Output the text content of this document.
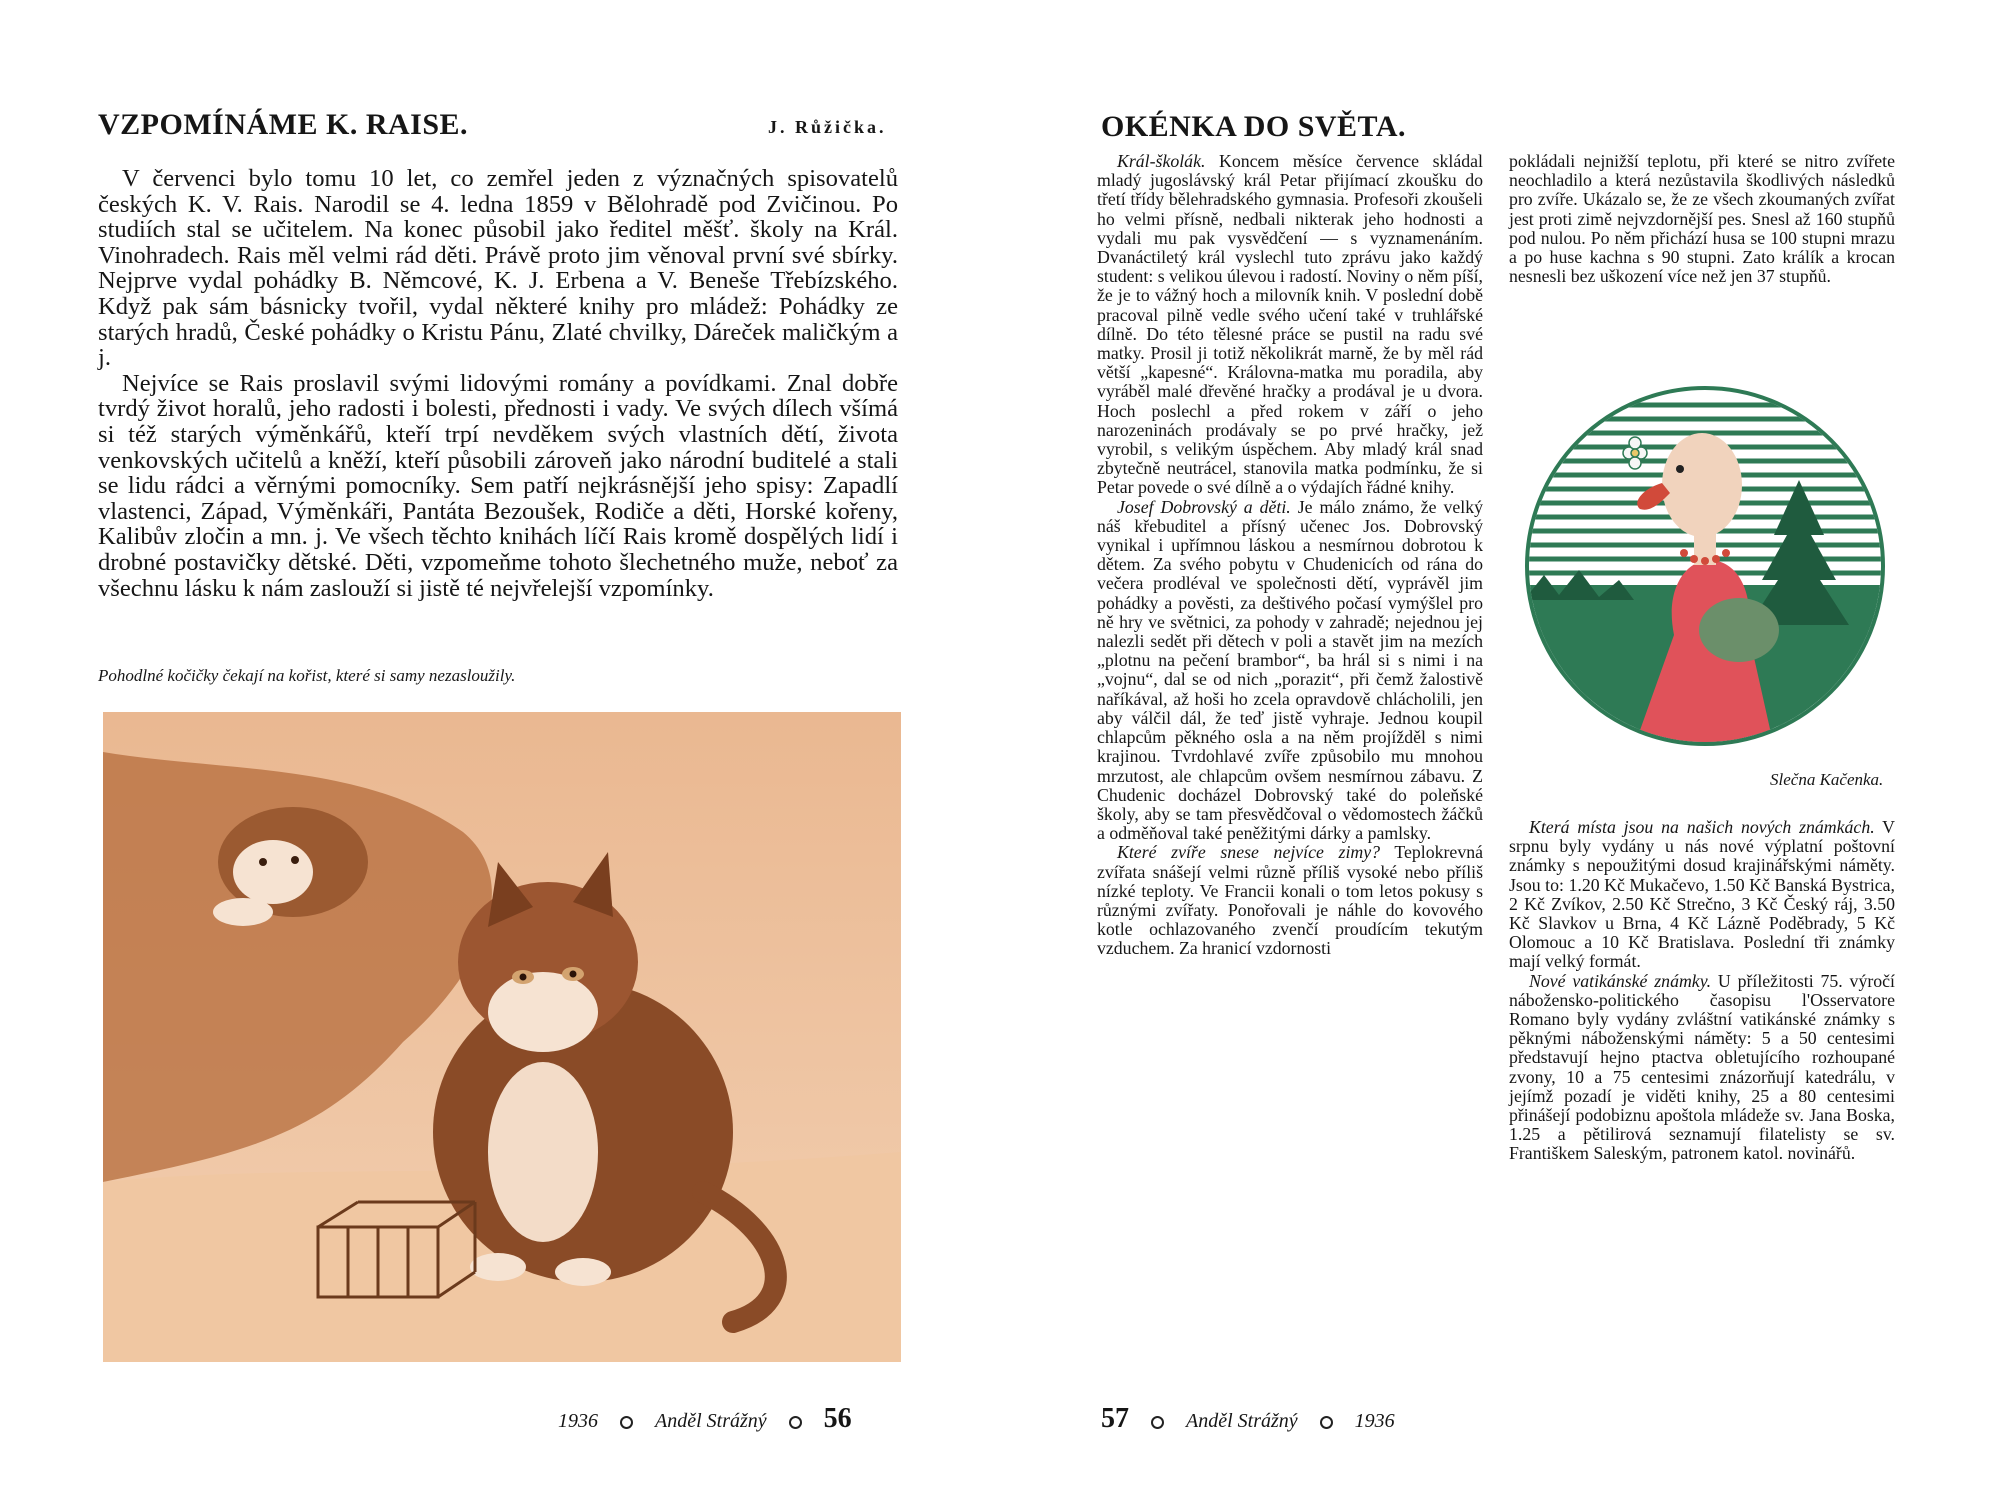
VZPOMÍNÁME K. RAISE.	J. Růžička.

V červenci bylo tomu 10 let, co zemřel jeden z význačných spisovatelů českých K. V. Rais. Narodil se 4. ledna 1859 v Bělohradě pod Zvičinou. Po studiích stal se učitelem. Na konec působil jako ředitel měšť. školy na Král. Vinohradech. Rais měl velmi rád děti. Právě proto jim věnoval první své sbírky. Nejprve vydal pohádky B. Němcové, K. J. Erbena a V. Beneše Třebízského. Když pak sám básnicky tvořil, vydal některé knihy pro mládež: Pohádky ze starých hradů, České pohádky o Kristu Pánu, Zlaté chvilky, Dáreček maličkým a j.

Nejvíce se Rais proslavil svými lidovými romány a povídkami. Znal dobře tvrdý život horalů, jeho radosti i bolesti, přednosti i vady. Ve svých dílech všímá si též starých výměnkářů, kteří trpí nevděkem svých vlastních dětí, života venkovských učitelů a kněží, kteří působili zároveň jako národní buditelé a stali se lidu rádci a věrnými pomocníky. Sem patří nejkrásnější jeho spisy: Zapadlí vlastenci, Západ, Výměnkáři, Pantáta Bezoušek, Rodiče a děti, Horské kořeny, Kalibův zločin a mn. j. Ve všech těchto knihách líčí Rais kromě dospělých lidí i drobné postavičky dětské. Děti, vzpomeňme tohoto šlechetného muže, neboť za všechnu lásku k nám zaslouží si jistě té nejvřelejší vzpomínky.

Pohodlné kočičky čekají na kořist, které si samy nezasloužily.
1936	Anděl Strážný 56
OKÉNKA DO SVĚTA.

Král-školák. Koncem měsíce července skládal mladý jugoslávský král Petar přijímací zkoušku do třetí třídy bělehradského gymnasia. Profesoři zkoušeli ho velmi přísně, nedbali nikterak jeho hodnosti a vydali mu pak vysvědčení — s vyznamenáním. Dvanáctiletý král vyslechl tuto zprávu jako každý student: s velikou úlevou i radostí. Noviny o něm píší, že je to vážný hoch a milovník knih. V poslední době pracoval pilně vedle svého učení také v truhlářské dílně. Do této tělesné práce se pustil na radu své matky. Prosil ji totiž několikrát marně, že by měl rád větší „kapesné“. Královna-matka mu poradila, aby vyráběl malé dřevěné hračky a prodával je u dvora. Hoch poslechl a před rokem v září o jeho narozeninách prodávaly se po prvé hračky, jež vyrobil, s velikým úspěchem. Aby mladý král snad zbytečně neutrácel, stanovila matka podmínku, že si Petar povede o své dílně a o výdajích řádné knihy.

Josef Dobrovský a děti. Je málo známo, že velký náš křebuditel a přísný učenec Jos. Dobrovský vynikal i upřímnou láskou a nesmírnou dobrotou k dětem. Za svého pobytu v Chudenicích od rána do večera prodléval ve společnosti dětí, vyprávěl jim pohádky a pověsti, za deštivého počasí vymýšlel pro ně hry ve světnici, za pohody v zahradě; nejednou jej nalezli sedět při dětech v poli a stavět jim na mezích „plotnu na pečení brambor“, ba hrál si s nimi i na „vojnu“, dal se od nich „porazit“, při čemž žalostivě naříkával, až hoši ho zcela opravdově chlácholili, jen aby válčil dál, že teď jistě vyhraje. Jednou koupil chlapcům pěkného osla a na něm projížděl s nimi krajinou. Tvrdohlavé zvíře způsobilo mu mnohou mrzutost, ale chlapcům ovšem nesmírnou zábavu. Z Chudenic docházel Dobrovský také do poleňské školy, aby se tam přesvědčoval o vědomostech žáčků a odměňoval také peněžitými dárky a pamlsky.

Které zvíře snese nejvíce zimy? Teplokrevná zvířata snášejí velmi různě příliš vysoké nebo příliš nízké teploty. Ve Francii konali o tom letos pokusy s různými zvířaty. Ponořovali je náhle do kovového kotle ochlazovaného zvenčí proudícím tekutým vzduchem. Za hranicí vzdornosti

pokládali nejnižší teplotu, při které se nitro zvířete neochladilo a která nezůstavila škodlivých následků pro zvíře. Ukázalo se, že ze všech zkoumaných zvířat jest proti zimě nejvzdornější pes. Snesl až 160 stupňů pod nulou. Po něm přichází husa se 100 stupni mrazu a po huse kachna s 90 stupni. Zato králík a krocan nesnesli bez uškození více než jen 37 stupňů.

Slečna Kačenka.

Která místa jsou na našich nových známkách. V srpnu byly vydány u nás nové výplatní poštovní známky s nepoužitými dosud krajinářskými náměty. Jsou to: 1.20 Kč Mukačevo, 1.50 Kč Banská Bystrica, 2 Kč Zvíkov, 2.50 Kč Strečno, 3 Kč Český ráj, 3.50 Kč Slavkov u Brna, 4 Kč Lázně Poděbrady, 5 Kč Olomouc a 10 Kč Bratislava. Poslední tři známky mají velký formát.

Nové vatikánské známky. U příležitosti 75. výročí nábožensko-politického časopisu l'Osservatore Romano byly vydány zvláštní vatikánské známky s pěknými náboženskými náměty: 5 a 50 centesimi představují hejno ptactva obletujícího rozhoupané zvony, 10 a 75 centesimi znázorňují katedrálu, v jejímž pozadí je viděti knihy, 25 a 80 centesimi přinášejí podobiznu apoštola mládeže sv. Jana Boska, 1.25 a pětilirová seznamují filatelisty se sv. Františkem Saleským, patronem katol. novinářů.

57	Anděl Strážný	1936
